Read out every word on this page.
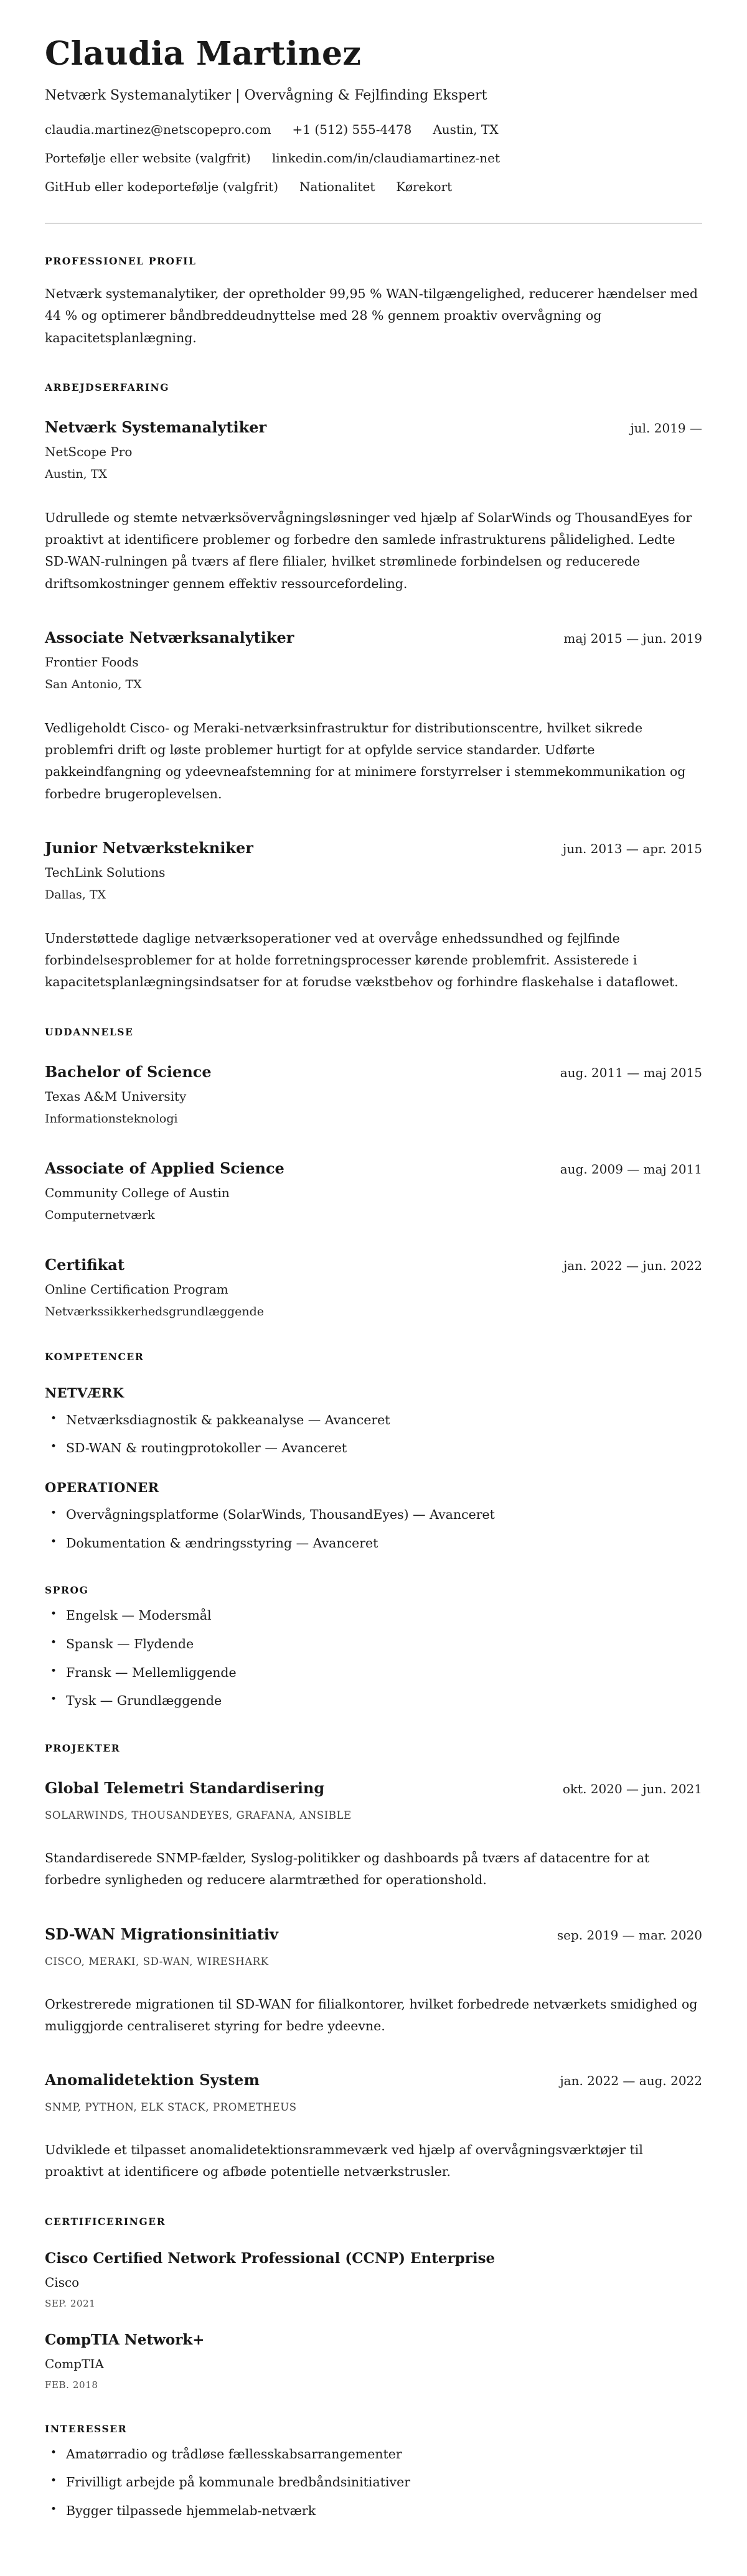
Claudia Martinez
Netværk Systemanalytiker | Overvågning & Fejlfinding Ekspert
claudia.martinez@netscopepro.com +1 (512) 555-4478 Austin, TX
Portefølje eller website (valgfrit) linkedin.com/in/claudiamartinez-net
GitHub eller kodeportefølje (valgfrit) Nationalitet Kørekort
PROFESSIONEL PROFIL

Netværk systemanalytiker, der opretholder 99,95 % WAN-tilgængelighed, reducerer hændelser med 44 % og optimerer båndbreddeudnyttelse med 28 % gennem proaktiv overvågning og kapacitetsplanlægning.

ARBEJDSERFARING
Netværk Systemanalytiker	jul. 2019 —
NetScope Pro
Austin, TX

Udrullede og stemte netværksövervågningsløsninger ved hjælp af SolarWinds og ThousandEyes for proaktivt at identificere problemer og forbedre den samlede infrastrukturens pålidelighed. Ledte SD-WAN-rulningen på tværs af flere filialer, hvilket strømlinede forbindelsen og reducerede driftsomkostninger gennem effektiv ressourcefordeling.

Associate Netværksanalytiker	maj 2015 — jun. 2019
Frontier Foods
San Antonio, TX

Vedligeholdt Cisco- og Meraki-netværksinfrastruktur for distributionscentre, hvilket sikrede problemfri drift og løste problemer hurtigt for at opfylde service standarder. Udførte pakkeindfangning og ydeevneafstemning for at minimere forstyrrelser i stemmekommunikation og forbedre brugeroplevelsen.

Junior Netværkstekniker	jun. 2013 — apr. 2015
TechLink Solutions
Dallas, TX

Understøttede daglige netværksoperationer ved at overvåge enhedssundhed og fejlfinde forbindelsesproblemer for at holde forretningsprocesser kørende problemfrit. Assisterede i kapacitetsplanlægningsindsatser for at forudse vækstbehov og forhindre flaskehalse i dataflowet.

UDDANNELSE
Bachelor of Science	aug. 2011 — maj 2015
Texas A&M University
Informationsteknologi
Associate of Applied Science	aug. 2009 — maj 2011
Community College of Austin
Computernetværk
Certifikat	jan. 2022 — jun. 2022
Online Certification Program
Netværkssikkerhedsgrundlæggende
KOMPETENCER
NETVÆRK
• Netværksdiagnostik & pakkeanalyse — Avanceret
• SD-WAN & routingprotokoller — Avanceret
OPERATIONER
• Overvågningsplatforme (SolarWinds, ThousandEyes) — Avanceret
• Dokumentation & ændringsstyring — Avanceret
SPROG
• Engelsk — Modersmål
• Spansk — Flydende
• Fransk — Mellemliggende
• Tysk — Grundlæggende
PROJEKTER
Global Telemetri Standardisering	okt. 2020 — jun. 2021
SOLARWINDS, THOUSANDEYES, GRAFANA, ANSIBLE

Standardiserede SNMP-fælder, Syslog-politikker og dashboards på tværs af datacentre for at forbedre synligheden og reducere alarmtræthed for operationshold.

SD-WAN Migrationsinitiativ	sep. 2019 — mar. 2020
CISCO, MERAKI, SD-WAN, WIRESHARK

Orkestrerede migrationen til SD-WAN for filialkontorer, hvilket forbedrede netværkets smidighed og muliggjorde centraliseret styring for bedre ydeevne.

Anomalidetektion System	jan. 2022 — aug. 2022
SNMP, PYTHON, ELK STACK, PROMETHEUS

Udviklede et tilpasset anomalidetektionsrammeværk ved hjælp af overvågningsværktøjer til proaktivt at identificere og afbøde potentielle netværkstrusler.

CERTIFICERINGER
Cisco Certified Network Professional (CCNP) Enterprise
Cisco
SEP. 2021
CompTIA Network+
CompTIA
FEB. 2018
INTERESSER
• Amatørradio og trådløse fællesskabsarrangementer
• Frivilligt arbejde på kommunale bredbåndsinitiativer
• Bygger tilpassede hjemmelab-netværk
